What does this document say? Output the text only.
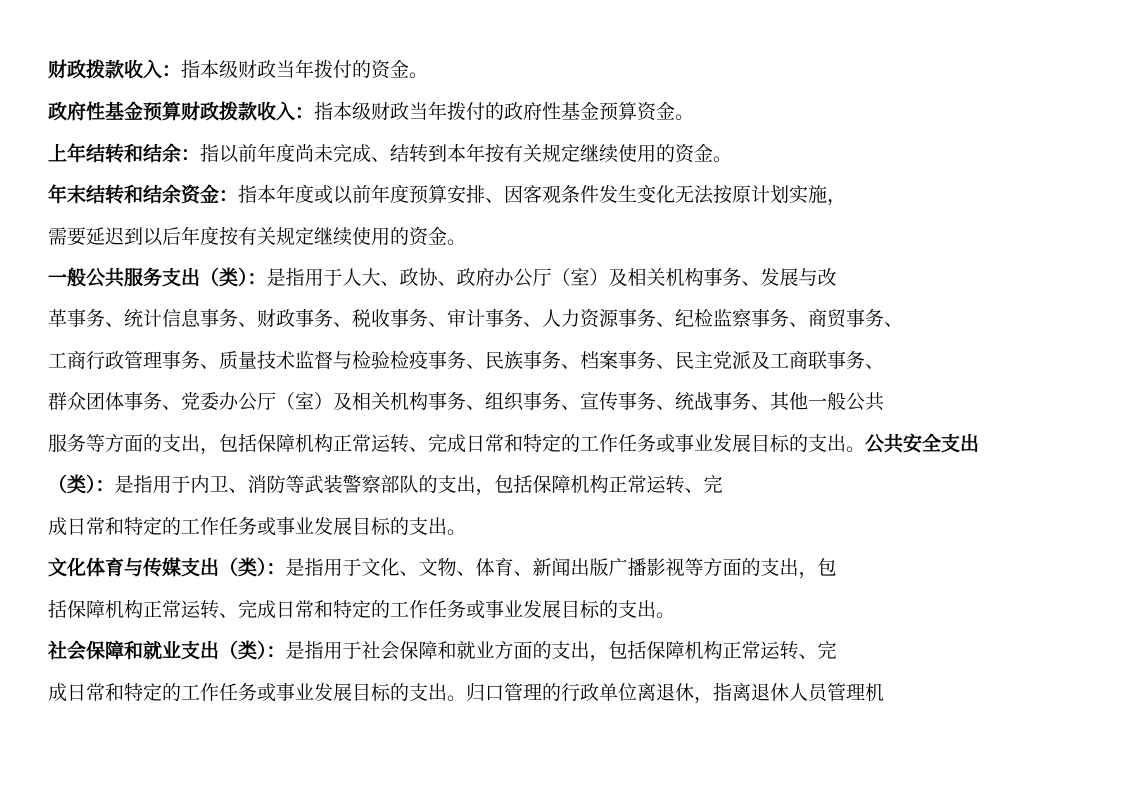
财政拨款收入：指本级财政当年拨付的资金。
政府性基金预算财政拨款收入：指本级财政当年拨付的政府性基金预算资金。
上年结转和结余：指以前年度尚未完成、结转到本年按有关规定继续使用的资金。
年末结转和结余资金：指本年度或以前年度预算安排、因客观条件发生变化无法按原计划实施，
需要延迟到以后年度按有关规定继续使用的资金。
一般公共服务支出（类）：是指用于人大、政协、政府办公厅（室）及相关机构事务、发展与改
革事务、统计信息事务、财政事务、税收事务、审计事务、人力资源事务、纪检监察事务、商贸事务、
工商行政管理事务、质量技术监督与检验检疫事务、民族事务、档案事务、民主党派及工商联事务、
群众团体事务、党委办公厅（室）及相关机构事务、组织事务、宣传事务、统战事务、其他一般公共
服务等方面的支出，包括保障机构正常运转、完成日常和特定的工作任务或事业发展目标的支出。公共安全支出
（类）：是指用于内卫、消防等武装警察部队的支出，包括保障机构正常运转、完
成日常和特定的工作任务或事业发展目标的支出。
文化体育与传媒支出（类）：是指用于文化、文物、体育、新闻出版广播影视等方面的支出，包
括保障机构正常运转、完成日常和特定的工作任务或事业发展目标的支出。
社会保障和就业支出（类）：是指用于社会保障和就业方面的支出，包括保障机构正常运转、完
成日常和特定的工作任务或事业发展目标的支出。归口管理的行政单位离退休，指离退休人员管理机
